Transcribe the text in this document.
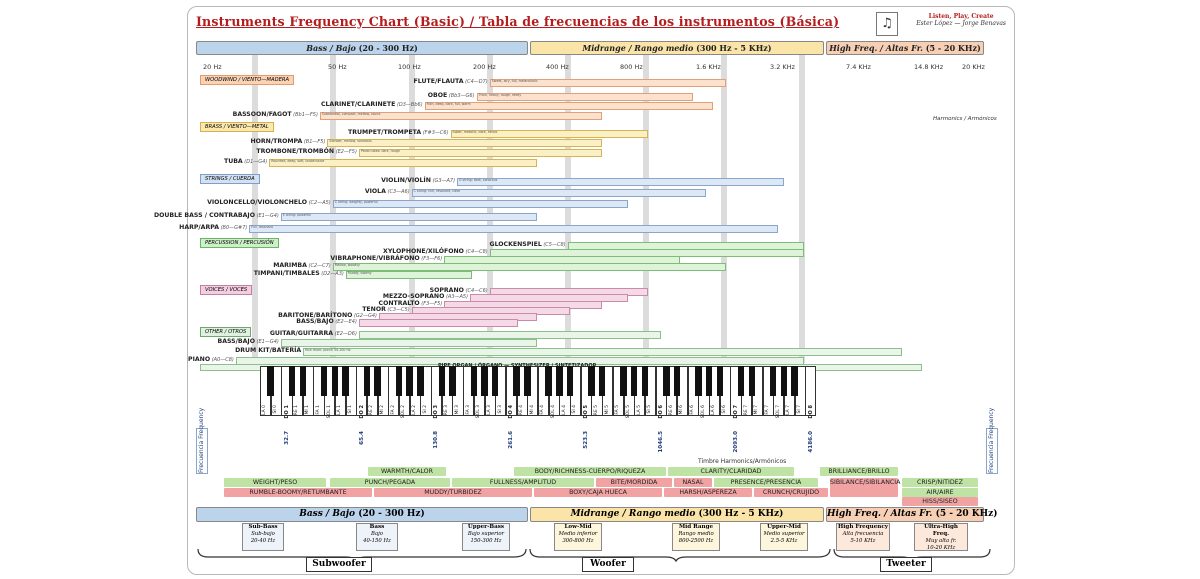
Instruments Frequency Chart (Basic) / Tabla de frecuencias de los instrumentos (Básica)	♫	Listen, Play, Create
Ester López — Jorge Benavas
Bass / Bajo (20 - 300 Hz)	Midrange / Rango medio (300 Hz - 5 KHz)	High Freq. / Altas Fr. (5 - 20 KHz)
20 Hz	50 Hz	100 Hz	200 Hz	400 Hz	800 Hz	1.6 KHz	3.2 KHz	7.4 KHz	14.8 KHz	20 KHz
WOODWIND / VIENTO—MADERA
BRASS / VIENTO—METAL
STRINGS / CUERDA
PERCUSSION / PERCUSIÓN
VOICES / VOCES
OTHER / OTROS
Harmonics / Armónicos
FLUTE/FLAUTA (C4—D7) Sweet, airy, full, melancholic
OBOE (Bb3—G6) Thick, heavy, rough, reedy
CLARINET/CLARINETE (D3—Bb6) Rich, deep, dark, full, warm
BASSOON/FAGOT (Bb1—F5) Substantial, compact, mellow, round
TRUMPET/TROMPETA (F#3—C6) Sober, metallic, dark, heroic
HORN/TROMPA (B1—F5) Somber, mellow, sonorous
TROMBONE/TROMBÓN (E2—F5) Pedal notes: dark, rough
TUBA (D1—G4) Rounded, deep, soft, unobtrusive
VIOLIN/VIOLÍN (G3—A7) G string: dark, sonorous
VIOLA (C3—A6) C string: rich, resonant, clear
VIOLONCELLO/VIOLONCHELO (C2—A5) C string: weighty, powerful
DOUBLE BASS / CONTRABAJO (E1—G4) E string: powerful
HARP/ARPA (B0—G#7) Full, resonant
GLOCKENSPIEL (C5—C8)
XYLOPHONE/XILÓFONO (C4—C8)
VIBRAPHONE/VIBRÁFONO (F3—F6)
MARIMBA (C2—C7) Mellow, woodsy
TIMPANI/TIMBALES (D2—A3) Muddy, boomy
SOPRANO (C4—C6)
MEZZO-SOPRANO (A3—A5)
CONTRALTO (F3—F5)
TENOR (C3—C5)
BARITONE/BARÍTONO (G2—G4)
BASS/BAJO (E2—E4)
GUITAR/GUITARRA (E2—D6)
BASS/BAJO (E1—G4)
DRUM KIT/BATERÍA Kick drum: punch 50-100 Hz
PIANO (A0—C8)
LA 0 SI 0 DO 1
32.7
RE 1 MI 1 FA 1 SOL 1 LA 1 SI 1 DO 2
65.4
RE 2 MI 2 FA 2 SOL 2 LA 2 SI 2 DO 3
130.8
RE 3 MI 3 FA 3 SOL 3 LA 3 SI 3 DO 4
261.6
RE 4 MI 4 FA 4 SOL 4 LA 4 SI 4 DO 5
523.3
RE 5 MI 5 FA 5 SOL 5 LA 5 SI 5 DO 6
1046.5
RE 6 MI 6 FA 6 SOL 6 LA 6 SI 6 DO 7
2093.0
RE 7 MI 7 FA 7 SOL 7 LA 7 SI 7 DO 8
4186.0
Frecuencia Frequency	Frecuencia Frequency
Timbre Harmonics/Armónicos
WARMTH/CALOR	BODY/RICHNESS-CUERPO/RIQUEZA	CLARITY/CLARIDAD	BRILLIANCE/BRILLO
WEIGHT/PESO	PUNCH/PEGADA	FULLNESS/AMPLITUD	BITE/MORDIDA	NASAL	PRESENCE/PRESENCIA	CRISP/NITIDEZ
RUMBLE-BOOMY/RETUMBANTE	MUDDY/TURBIDEZ	BOXY/CAJA HUECA	HARSH/ASPEREZA	CRUNCH/CRUJIDO
SIBILANCE/SIBILANCIA
AIR/AIRE
HISS/SISEO
Bass / Bajo (20 - 300 Hz)	Midrange / Rango medio (300 Hz - 5 KHz)	High Freq. / Altas Fr. (5 - 20 KHz)
Sub-Bass
Sub-bajo
20-40 Hz
Bass
Bajo
40-150 Hz
Upper-Bass
Bajo superior
150-300 Hz
Low-Mid
Medio inferior
300-800 Hz
Mid Range
Rango medio
800-2500 Hz
Upper-Mid
Medio superior
2.5-5 KHz
High Frequency
Alta frecuencia
5-10 KHz
Ultra-High Freq.
Muy alta fr.
10-20 KHz
Subwoofer	Woofer	Tweeter
